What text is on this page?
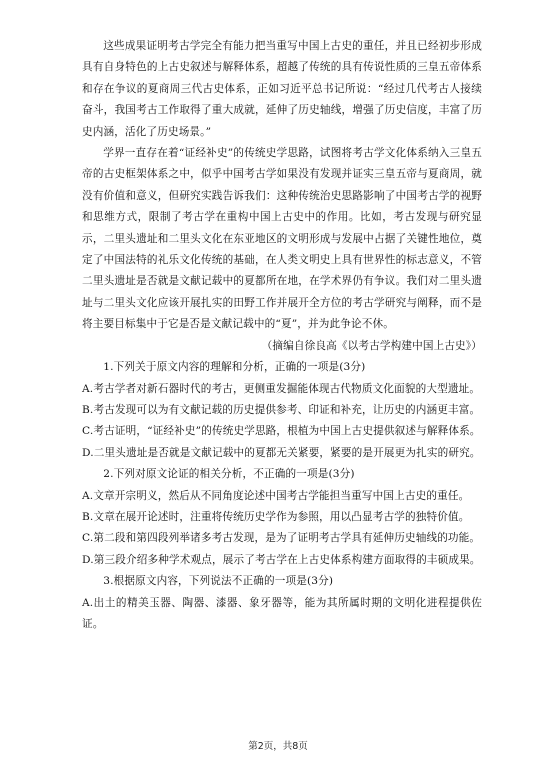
这些成果证明考古学完全有能力把当重写中国上古史的重任，并且已经初步形成具有自身特色的上古史叙述与解释体系，超越了传统的具有传说性质的三皇五帝体系和存在争议的夏商周三代古史体系，正如习近平总书记所说：“经过几代考古人接续奋斗，我国考古工作取得了重大成就，延伸了历史轴线，增强了历史信度，丰富了历史内涵，活化了历史场景。”

学界一直存在着“证经补史”的传统史学思路，试图将考古学文化体系纳入三皇五帝的古史框架体系之中，似乎中国考古学如果没有发现并证实三皇五帝与夏商周，就没有价值和意义，但研究实践告诉我们：这种传统治史思路影响了中国考古学的视野和思维方式，限制了考古学在重构中国上古史中的作用。比如，考古发现与研究显示，二里头遗址和二里头文化在东亚地区的文明形成与发展中占据了关键性地位，奠定了中国法特的礼乐文化传统的基础，在人类文明史上具有世界性的标志意义，不管二里头遗址是否就是文献记载中的夏都所在地，在学术界仍有争议。我们对二里头遗址与二里头文化应该开展扎实的田野工作并展开全方位的考古学研究与阐释，而不是将主要目标集中于它是否是文献记载中的“夏”，并为此争论不休。

（摘编自徐良高《以考古学构建中国上古史》）

1.下列关于原文内容的理解和分析，正确的一项是(3分)

A.考古学者对新石器时代的考古，更侧重发掘能体现古代物质文化面貌的大型遗址。

B.考古发现可以为有文献记载的历史提供参考、印证和补充，让历史的内涵更丰富。

C.考古证明，“证经补史”的传统史学思路，根植为中国上古史提供叙述与解释体系。

D.二里头遗址是否就是文献记载中的夏都无关紧要，紧要的是开展更为扎实的研究。

2.下列对原文论证的相关分析，不正确的一项是(3分)

A.文章开宗明义，然后从不同角度论述中国考古学能担当重写中国上古史的重任。

B.文章在展开论述时，注重将传统历史学作为参照，用以凸显考古学的独特价值。

C.第二段和第四段列举诸多考古发现，是为了证明考古学具有延伸历史轴线的功能。

D.第三段介绍多种学术观点，展示了考古学在上古史体系构建方面取得的丰硕成果。

3.根据原文内容，下列说法不正确的一项是(3分)

A.出土的精美玉器、陶器、漆器、象牙器等，能为其所属时期的文明化进程提供佐证。

第2页，共8页
